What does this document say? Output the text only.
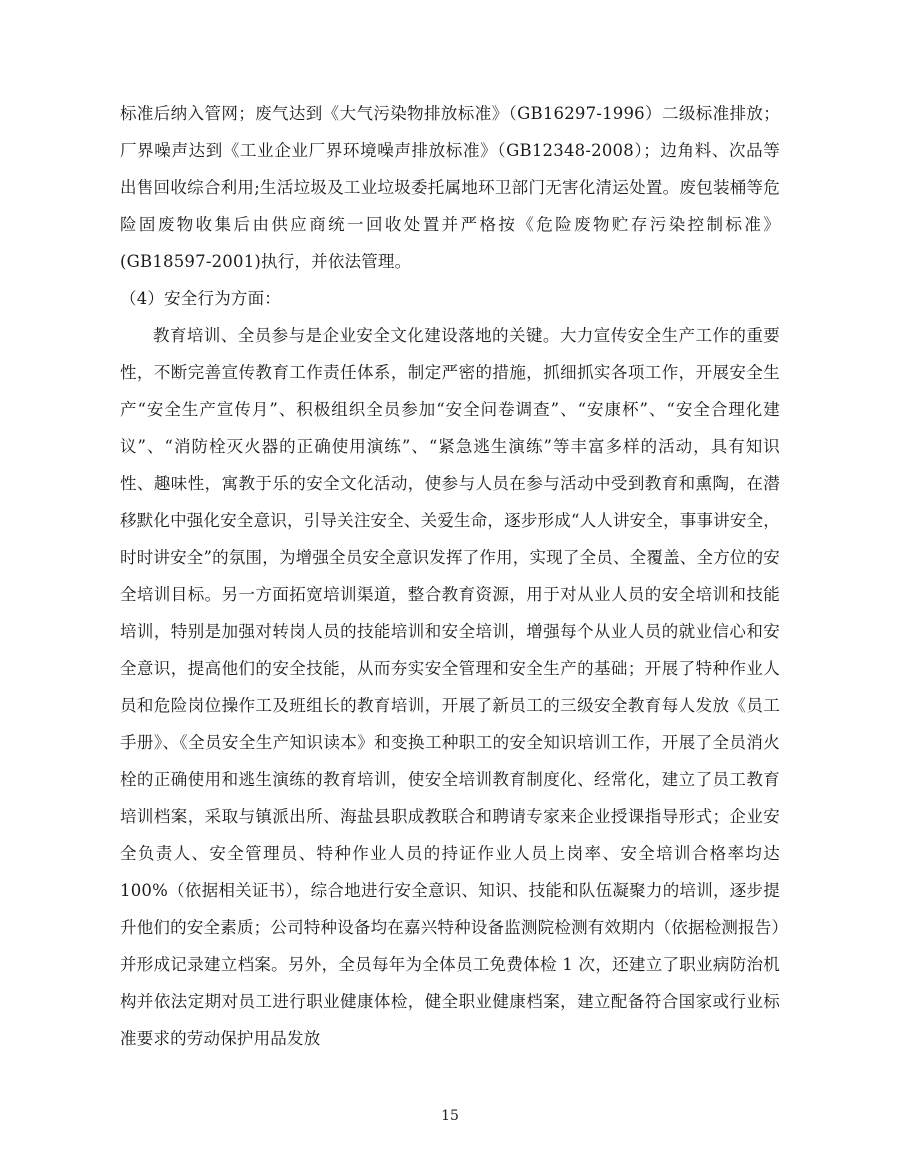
标准后纳入管网；废气达到《大气污染物排放标准》（GB16297-1996）二级标准排放；厂界噪声达到《工业企业厂界环境噪声排放标准》（GB12348-2008）；边角料、次品等出售回收综合利用;生活垃圾及工业垃圾委托属地环卫部门无害化清运处置。废包装桶等危险固废物收集后由供应商统一回收处置并严格按《危险废物贮存污染控制标准》(GB18597-2001)执行，并依法管理。

（4）安全行为方面：

教育培训、全员参与是企业安全文化建设落地的关键。大力宣传安全生产工作的重要性，不断完善宣传教育工作责任体系，制定严密的措施，抓细抓实各项工作，开展安全生产“安全生产宣传月”、积极组织全员参加“安全问卷调查”、“安康杯”、“安全合理化建议”、“消防栓灭火器的正确使用演练”、“紧急逃生演练”等丰富多样的活动，具有知识性、趣味性，寓教于乐的安全文化活动，使参与人员在参与活动中受到教育和熏陶，在潜移默化中强化安全意识，引导关注安全、关爱生命，逐步形成“人人讲安全，事事讲安全，时时讲安全”的氛围，为增强全员安全意识发挥了作用，实现了全员、全覆盖、全方位的安全培训目标。另一方面拓宽培训渠道，整合教育资源，用于对从业人员的安全培训和技能培训，特别是加强对转岗人员的技能培训和安全培训，增强每个从业人员的就业信心和安全意识，提高他们的安全技能，从而夯实安全管理和安全生产的基础；开展了特种作业人员和危险岗位操作工及班组长的教育培训，开展了新员工的三级安全教育每人发放《员工手册》、《全员安全生产知识读本》和变换工种职工的安全知识培训工作，开展了全员消火栓的正确使用和逃生演练的教育培训，使安全培训教育制度化、经常化，建立了员工教育培训档案，采取与镇派出所、海盐县职成教联合和聘请专家来企业授课指导形式；企业安全负责人、安全管理员、特种作业人员的持证作业人员上岗率、安全培训合格率均达 100%（依据相关证书），综合地进行安全意识、知识、技能和队伍凝聚力的培训，逐步提升他们的安全素质；公司特种设备均在嘉兴特种设备监测院检测有效期内（依据检测报告）并形成记录建立档案。另外，全员每年为全体员工免费体检 1 次，还建立了职业病防治机构并依法定期对员工进行职业健康体检，健全职业健康档案，建立配备符合国家或行业标准要求的劳动保护用品发放

15
